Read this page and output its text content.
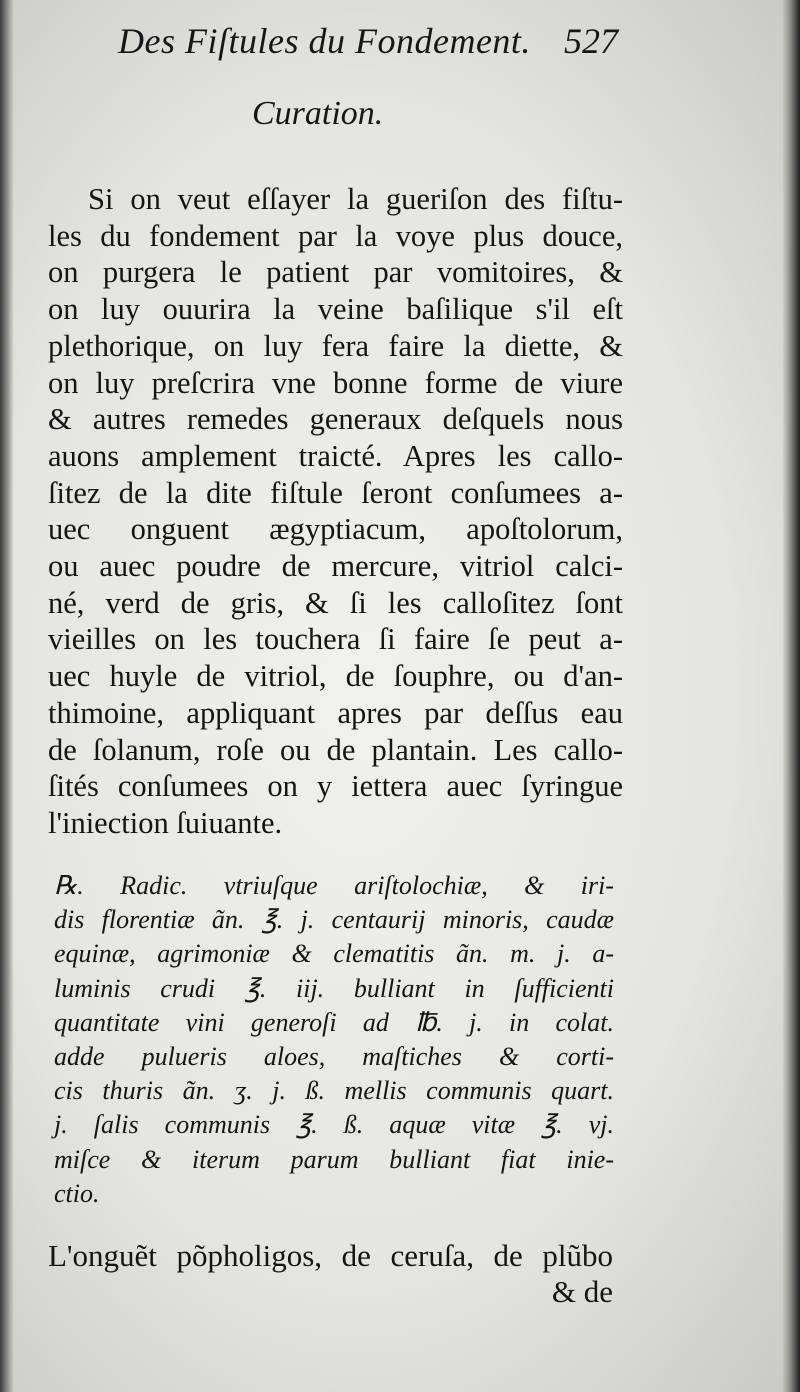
Des Fiſtules du Fondement. 527
Curation.
Si on veut eſſayer la gueriſon des fiſtu-
les du fondement par la voye plus douce,
on purgera le patient par vomitoires, &
on luy ouurira la veine baſilique s'il eſt
plethorique, on luy fera faire la diette, &
on luy preſcrira vne bonne forme de viure
& autres remedes generaux deſquels nous
auons amplement traicté. Apres les callo-
ſitez de la dite fiſtule ſeront conſumees a-
uec onguent ægyptiacum, apoſtolorum,
ou auec poudre de mercure, vitriol calci-
né, verd de gris, & ſi les calloſitez ſont
vieilles on les touchera ſi faire ſe peut a-
uec huyle de vitriol, de ſouphre, ou d'an-
thimoine, appliquant apres par deſſus eau
de ſolanum, roſe ou de plantain. Les callo-
ſités conſumees on y iettera auec ſyringue
l'iniection ſuiuante.
℞. Radic. vtriuſque ariſtolochiæ, & iri-
dis florentiæ ãn. ℥. j. centaurij minoris, caudæ
equinæ, agrimoniæ & clematitis ãn. m. j. a-
luminis crudi ℥. iij. bulliant in ſufficienti
quantitate vini generoſi ad ℔. j. in colat.
adde pulueris aloes, maſtiches & corti-
cis thuris ãn. ʒ. j. ß. mellis communis quart.
j. ſalis communis ℥. ß. aquæ vitæ ℥. vj.
miſce & iterum parum bulliant fiat inie-
ctio.
L'onguẽt põpholigos, de ceruſa, de plũbo
& de
